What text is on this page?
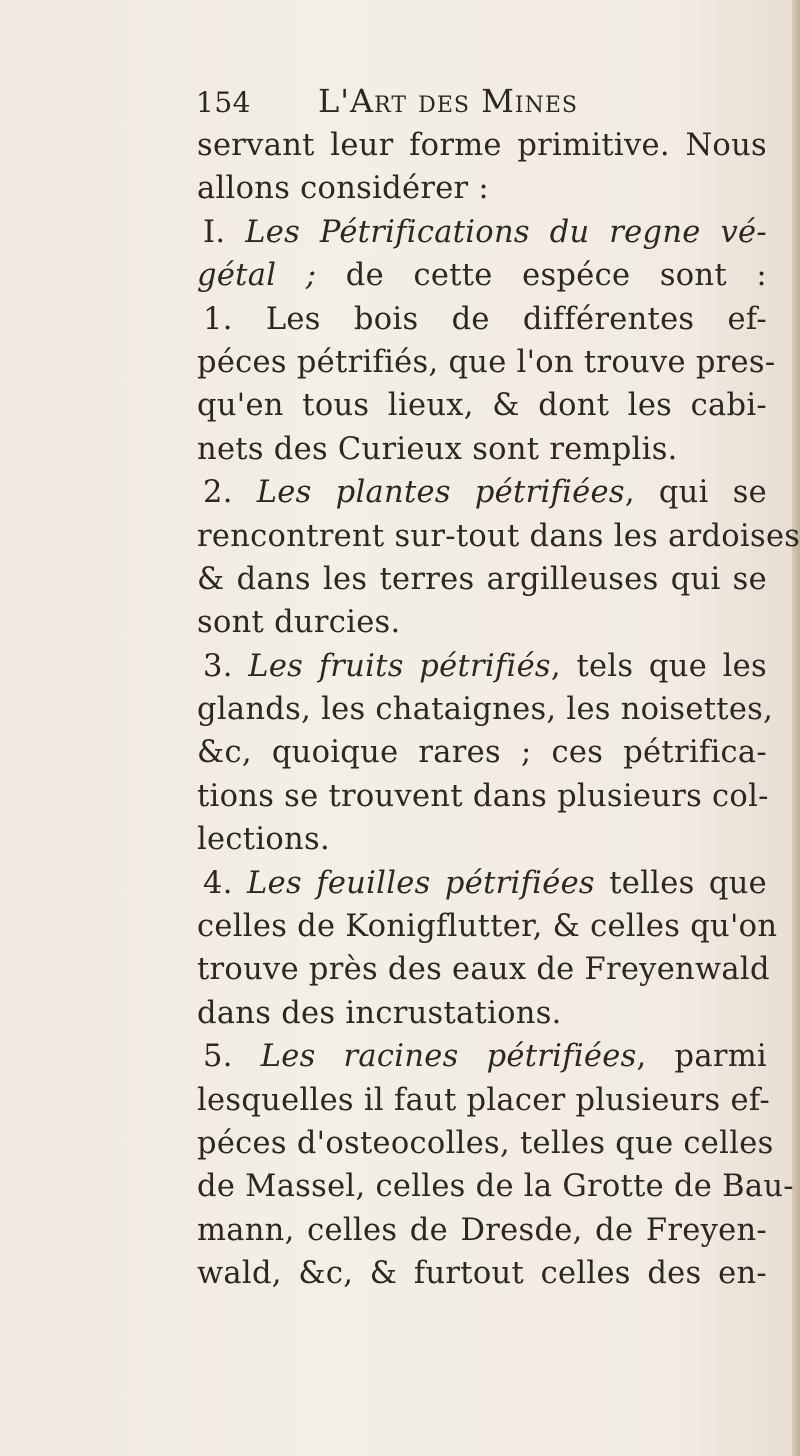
154 L'Art des Mines
servant leur forme primitive. Nous
allons considérer :
I. Les Pétrifications du regne vé-
gétal ; de cette espéce sont :
1. Les bois de différentes ef-
péces pétrifiés, que l'on trouve pres-
qu'en tous lieux, & dont les cabi-
nets des Curieux sont remplis.
2. Les plantes pétrifiées, qui se
rencontrent sur-tout dans les ardoises
& dans les terres argilleuses qui se
sont durcies.
3. Les fruits pétrifiés, tels que les
glands, les chataignes, les noisettes,
&c, quoique rares ; ces pétrifica-
tions se trouvent dans plusieurs col-
lections.
4. Les feuilles pétrifiées telles que
celles de Konigflutter, & celles qu'on
trouve près des eaux de Freyenwald
dans des incrustations.
5. Les racines pétrifiées, parmi
lesquelles il faut placer plusieurs ef-
péces d'osteocolles, telles que celles
de Massel, celles de la Grotte de Bau-
mann, celles de Dresde, de Freyen-
wald, &c, & furtout celles des en-
